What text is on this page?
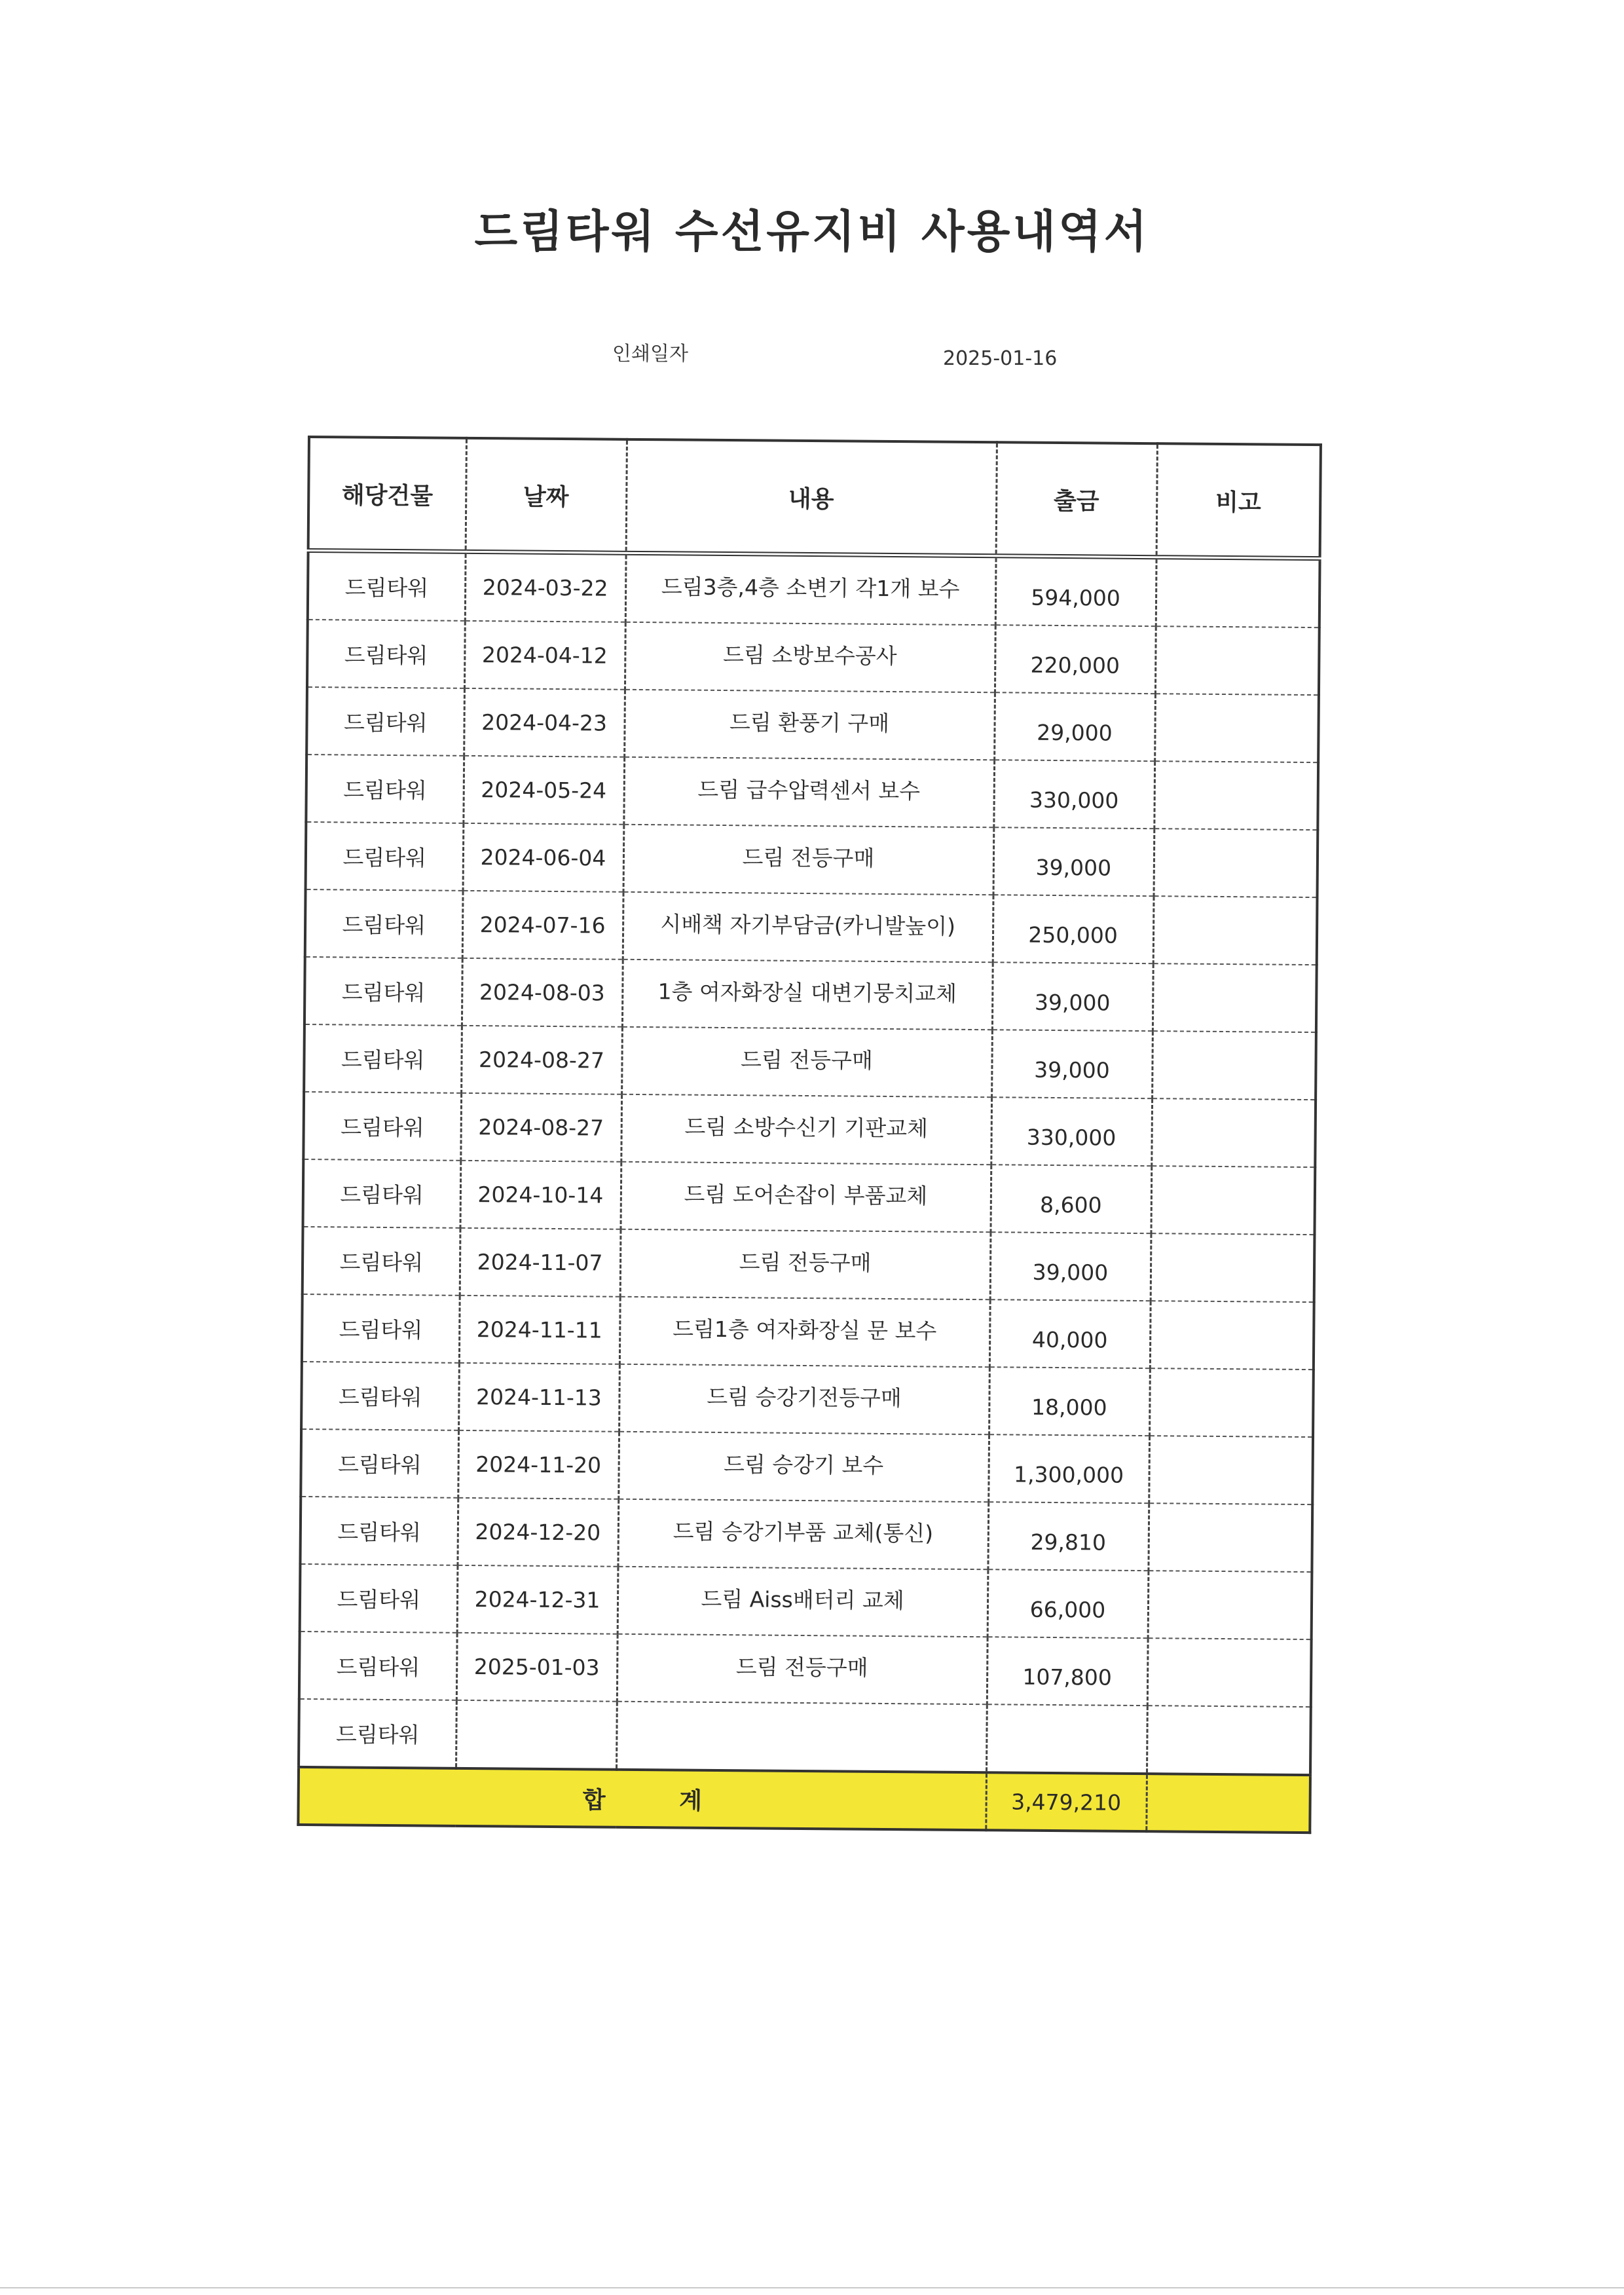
드림타워 수선유지비 사용내역서
인쇄일자	2025-01-16
해당건물	날짜	내용	출금	비고
드림타워	2024-03-22	드림3층,4층 소변기 각1개 보수	594,000	
드림타워	2024-04-12	드림 소방보수공사	220,000	
드림타워	2024-04-23	드림 환풍기 구매	29,000	
드림타워	2024-05-24	드림 급수압력센서 보수	330,000	
드림타워	2024-06-04	드림 전등구매	39,000	
드림타워	2024-07-16	시배책 자기부담금(카니발높이)	250,000	
드림타워	2024-08-03	1층 여자화장실 대변기뭉치교체	39,000	
드림타워	2024-08-27	드림 전등구매	39,000	
드림타워	2024-08-27	드림 소방수신기 기판교체	330,000	
드림타워	2024-10-14	드림 도어손잡이 부품교체	8,600	
드림타워	2024-11-07	드림 전등구매	39,000	
드림타워	2024-11-11	드림1층 여자화장실 문 보수	40,000	
드림타워	2024-11-13	드림 승강기전등구매	18,000	
드림타워	2024-11-20	드림 승강기 보수	1,300,000	
드림타워	2024-12-20	드림 승강기부품 교체(통신)	29,810	
드림타워	2024-12-31	드림 Aiss배터리 교체	66,000	
드림타워	2025-01-03	드림 전등구매	107,800	
드림타워				
합 계			3,479,210	
